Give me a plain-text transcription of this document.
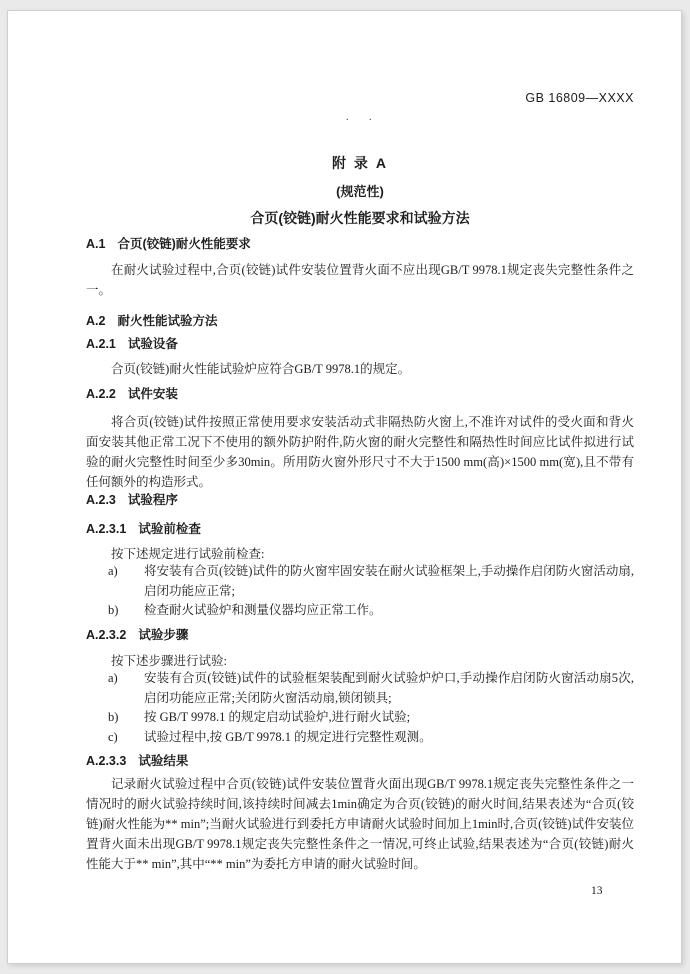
GB 16809—XXXX
. .
附 录 A
(规范性)
合页(铰链)耐火性能要求和试验方法
A.1 合页(铰链)耐火性能要求
在耐火试验过程中,合页(铰链)试件安装位置背火面不应出现GB/T 9978.1规定丧失完整性条件之一。
A.2 耐火性能试验方法
A.2.1 试验设备
合页(铰链)耐火性能试验炉应符合GB/T 9978.1的规定。
A.2.2 试件安装
将合页(铰链)试件按照正常使用要求安装活动式非隔热防火窗上,不准许对试件的受火面和背火面安装其他正常工况下不使用的额外防护附件,防火窗的耐火完整性和隔热性时间应比试件拟进行试验的耐火完整性时间至少多30min。所用防火窗外形尺寸不大于1500 mm(高)×1500 mm(宽),且不带有任何额外的构造形式。
A.2.3 试验程序
A.2.3.1 试验前检查
按下述规定进行试验前检查:
a) 将安装有合页(铰链)试件的防火窗牢固安装在耐火试验框架上,手动操作启闭防火窗活动扇,启闭功能应正常;
b) 检查耐火试验炉和测量仪器均应正常工作。
A.2.3.2 试验步骤
按下述步骤进行试验:
a) 安装有合页(铰链)试件的试验框架装配到耐火试验炉炉口,手动操作启闭防火窗活动扇5次,启闭功能应正常;关闭防火窗活动扇,锁闭锁具;
b) 按 GB/T 9978.1 的规定启动试验炉,进行耐火试验;
c) 试验过程中,按 GB/T 9978.1 的规定进行完整性观测。
A.2.3.3 试验结果
记录耐火试验过程中合页(铰链)试件安装位置背火面出现GB/T 9978.1规定丧失完整性条件之一情况时的耐火试验持续时间,该持续时间减去1min确定为合页(铰链)的耐火时间,结果表述为“合页(铰链)耐火性能为** min”;当耐火试验进行到委托方申请耐火试验时间加上1min时,合页(铰链)试件安装位置背火面未出现GB/T 9978.1规定丧失完整性条件之一情况,可终止试验,结果表述为“合页(铰链)耐火性能大于** min”,其中“** min”为委托方申请的耐火试验时间。
13
